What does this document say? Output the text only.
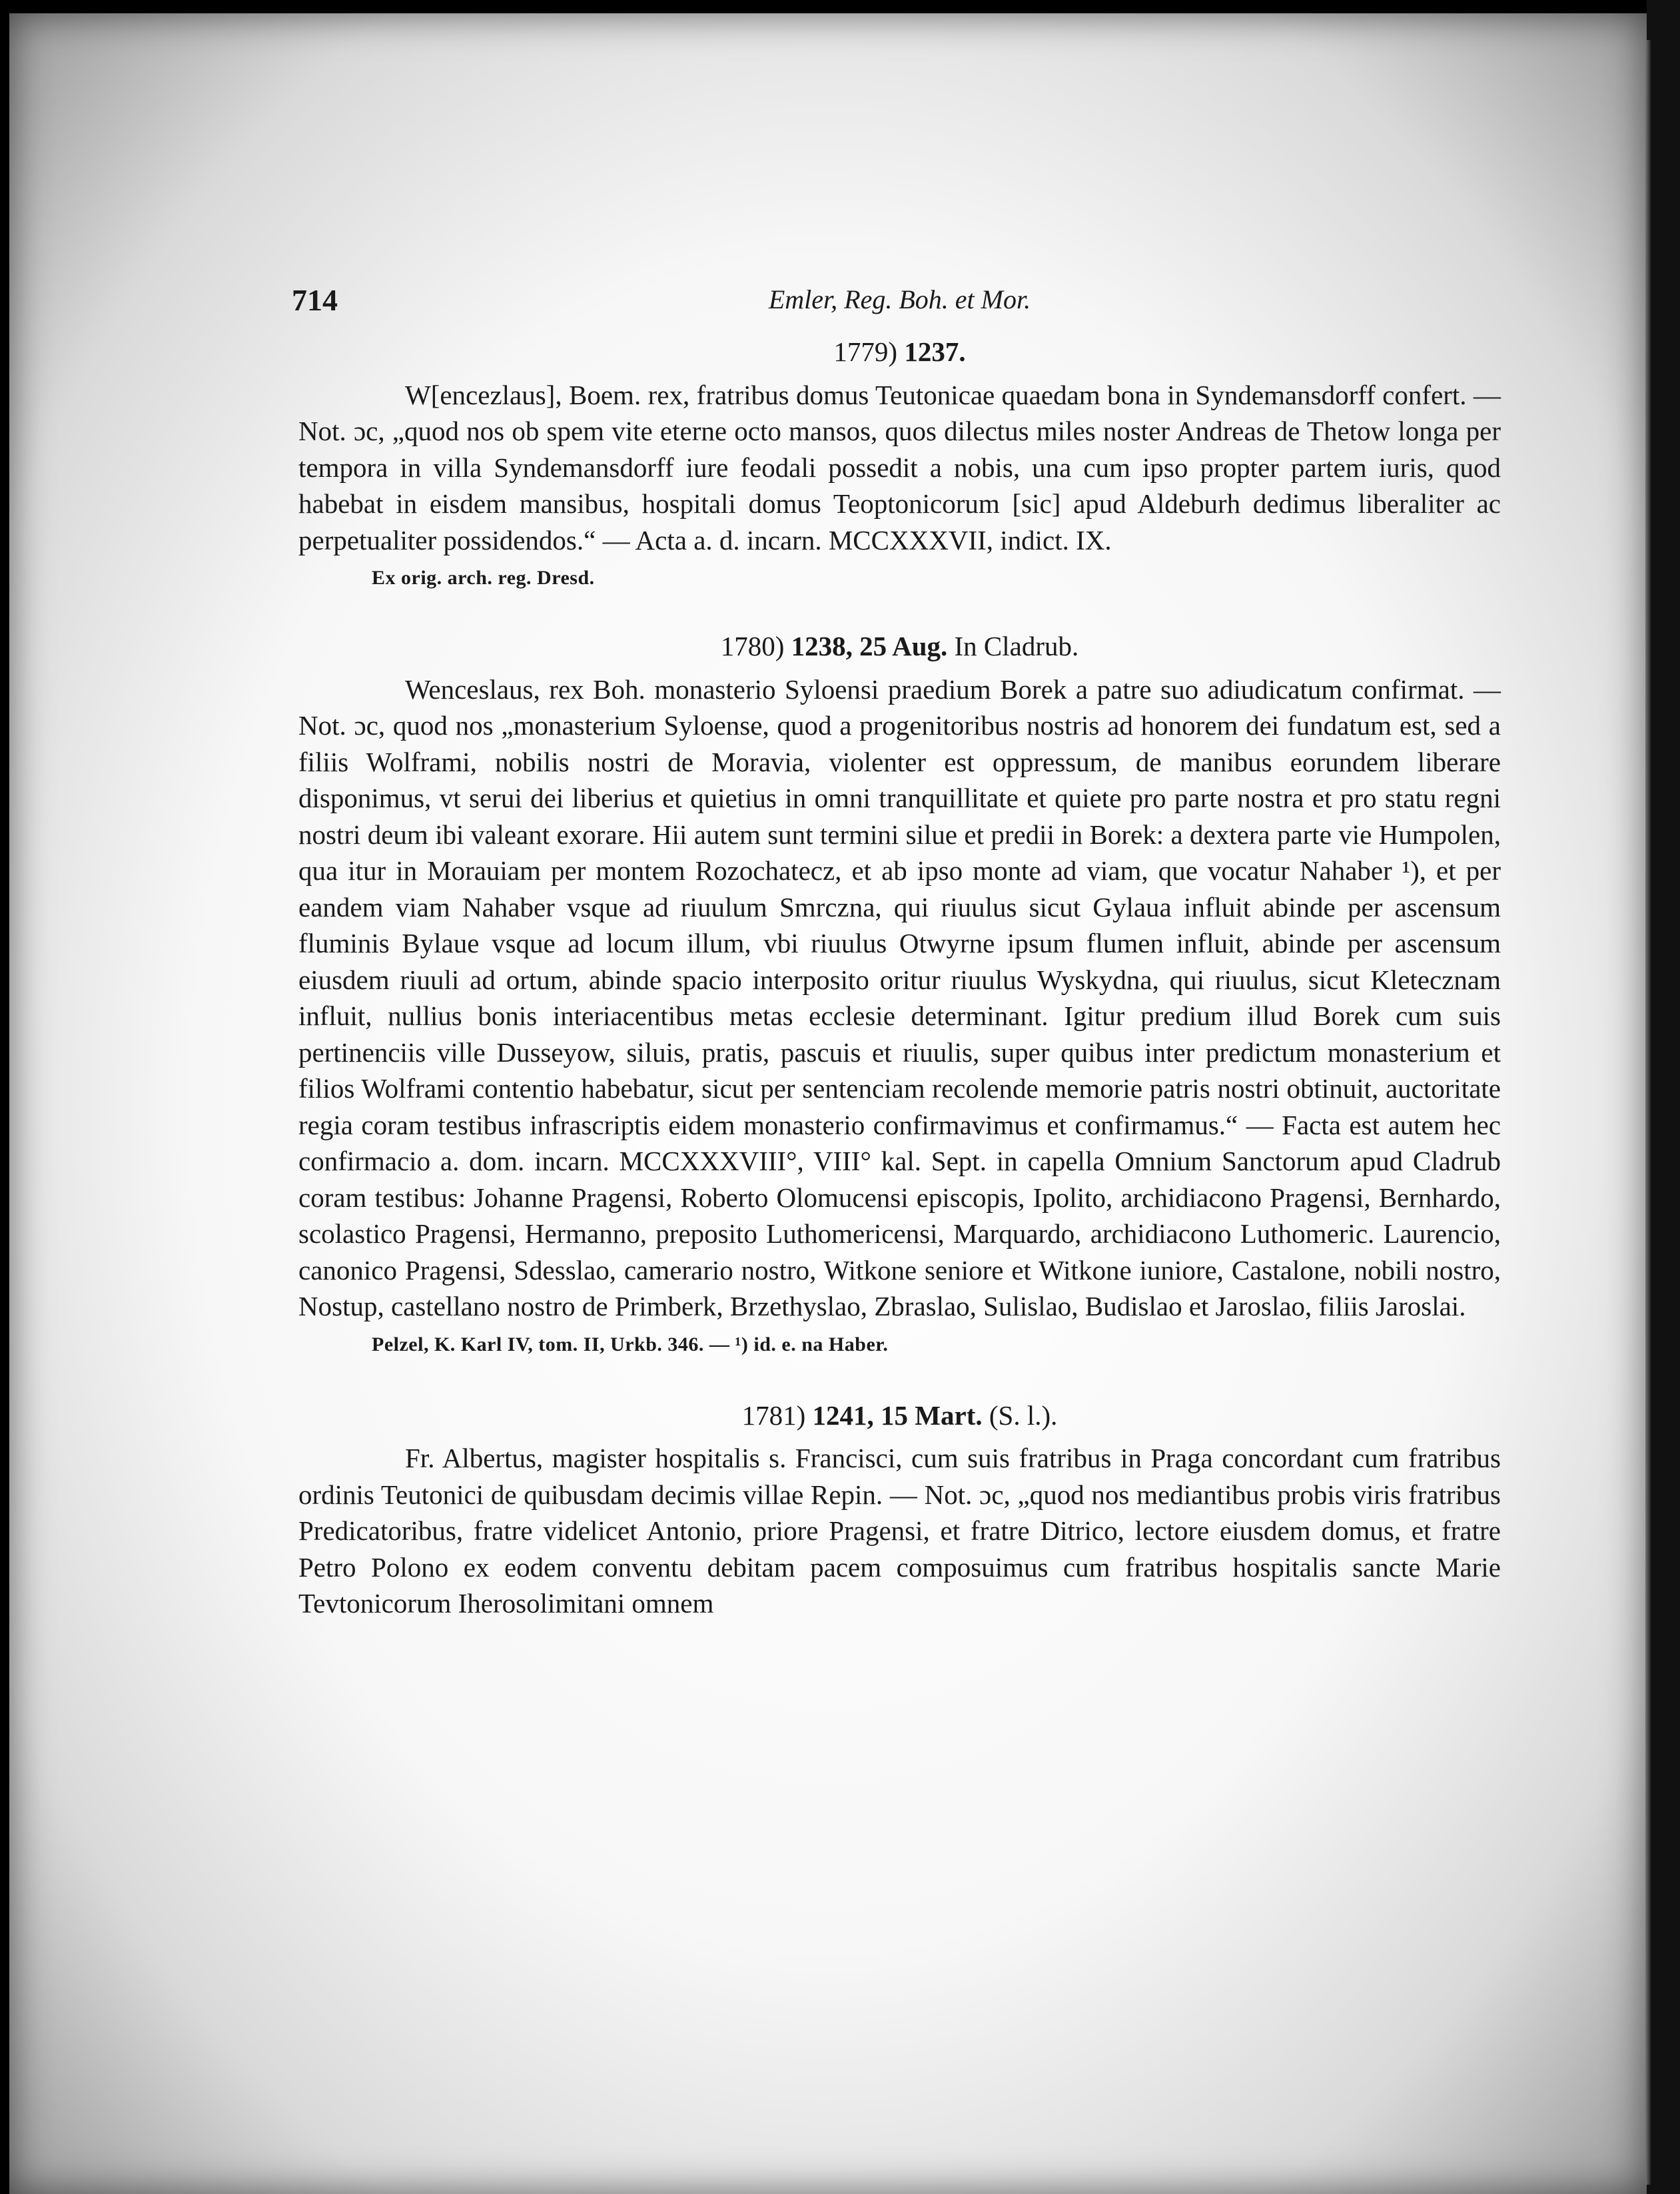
714	Emler, Reg. Boh. et Mor.
1779) 1237.

W[encezlaus], Boem. rex, fratribus domus Teutonicae quaedam bona in Syndemansdorff confert. — Not. ɔc, „quod nos ob spem vite eterne octo mansos, quos dilectus miles noster Andreas de Thetow longa per tempora in villa Syndemansdorff iure feodali possedit a nobis, una cum ipso propter partem iuris, quod habebat in eisdem mansibus, hospitali domus Teoptonicorum [sic] apud Aldeburh dedimus liberaliter ac perpetualiter possidendos.“ — Acta a. d. incarn. MCCXXXVII, indict. IX.

Ex orig. arch. reg. Dresd.
1780) 1238, 25 Aug. In Cladrub.

Wenceslaus, rex Boh. monasterio Syloensi praedium Borek a patre suo adiudicatum confirmat. — Not. ɔc, quod nos „monasterium Syloense, quod a progenitoribus nostris ad honorem dei fundatum est, sed a filiis Wolframi, nobilis nostri de Moravia, violenter est oppressum, de manibus eorundem liberare disponimus, vt serui dei liberius et quietius in omni tranquillitate et quiete pro parte nostra et pro statu regni nostri deum ibi valeant exorare. Hii autem sunt termini silue et predii in Borek: a dextera parte vie Humpolen, qua itur in Morauiam per montem Rozochatecz, et ab ipso monte ad viam, que vocatur Nahaber ¹), et per eandem viam Nahaber vsque ad riuulum Smrczna, qui riuulus sicut Gylaua influit abinde per ascensum fluminis Bylaue vsque ad locum illum, vbi riuulus Otwyrne ipsum flumen influit, abinde per ascensum eiusdem riuuli ad ortum, abinde spacio interposito oritur riuulus Wyskydna, qui riuulus, sicut Kletecznam influit, nullius bonis interiacentibus metas ecclesie determinant. Igitur predium illud Borek cum suis pertinenciis ville Dusseyow, siluis, pratis, pascuis et riuulis, super quibus inter predictum monasterium et filios Wolframi contentio habebatur, sicut per sentenciam recolende memorie patris nostri obtinuit, auctoritate regia coram testibus infrascriptis eidem monasterio confirmavimus et confirmamus.“ — Facta est autem hec confirmacio a. dom. incarn. MCCXXXVIII°, VIII° kal. Sept. in capella Omnium Sanctorum apud Cladrub coram testibus: Johanne Pragensi, Roberto Olomucensi episcopis, Ipolito, archidiacono Pragensi, Bernhardo, scolastico Pragensi, Hermanno, preposito Luthomericensi, Marquardo, archidiacono Luthomeric. Laurencio, canonico Pragensi, Sdesslao, camerario nostro, Witkone seniore et Witkone iuniore, Castalone, nobili nostro, Nostup, castellano nostro de Primberk, Brzethyslao, Zbraslao, Sulislao, Budislao et Jaroslao, filiis Jaroslai.

Pelzel, K. Karl IV, tom. II, Urkb. 346. — ¹) id. e. na Haber.
1781) 1241, 15 Mart. (S. l.).

Fr. Albertus, magister hospitalis s. Francisci, cum suis fratribus in Praga concordant cum fratribus ordinis Teutonici de quibusdam decimis villae Repin. — Not. ɔc, „quod nos mediantibus probis viris fratribus Predicatoribus, fratre videlicet Antonio, priore Pragensi, et fratre Ditrico, lectore eiusdem domus, et fratre Petro Polono ex eodem conventu debitam pacem composuimus cum fratribus hospitalis sancte Marie Tevtonicorum Iherosolimitani omnem
